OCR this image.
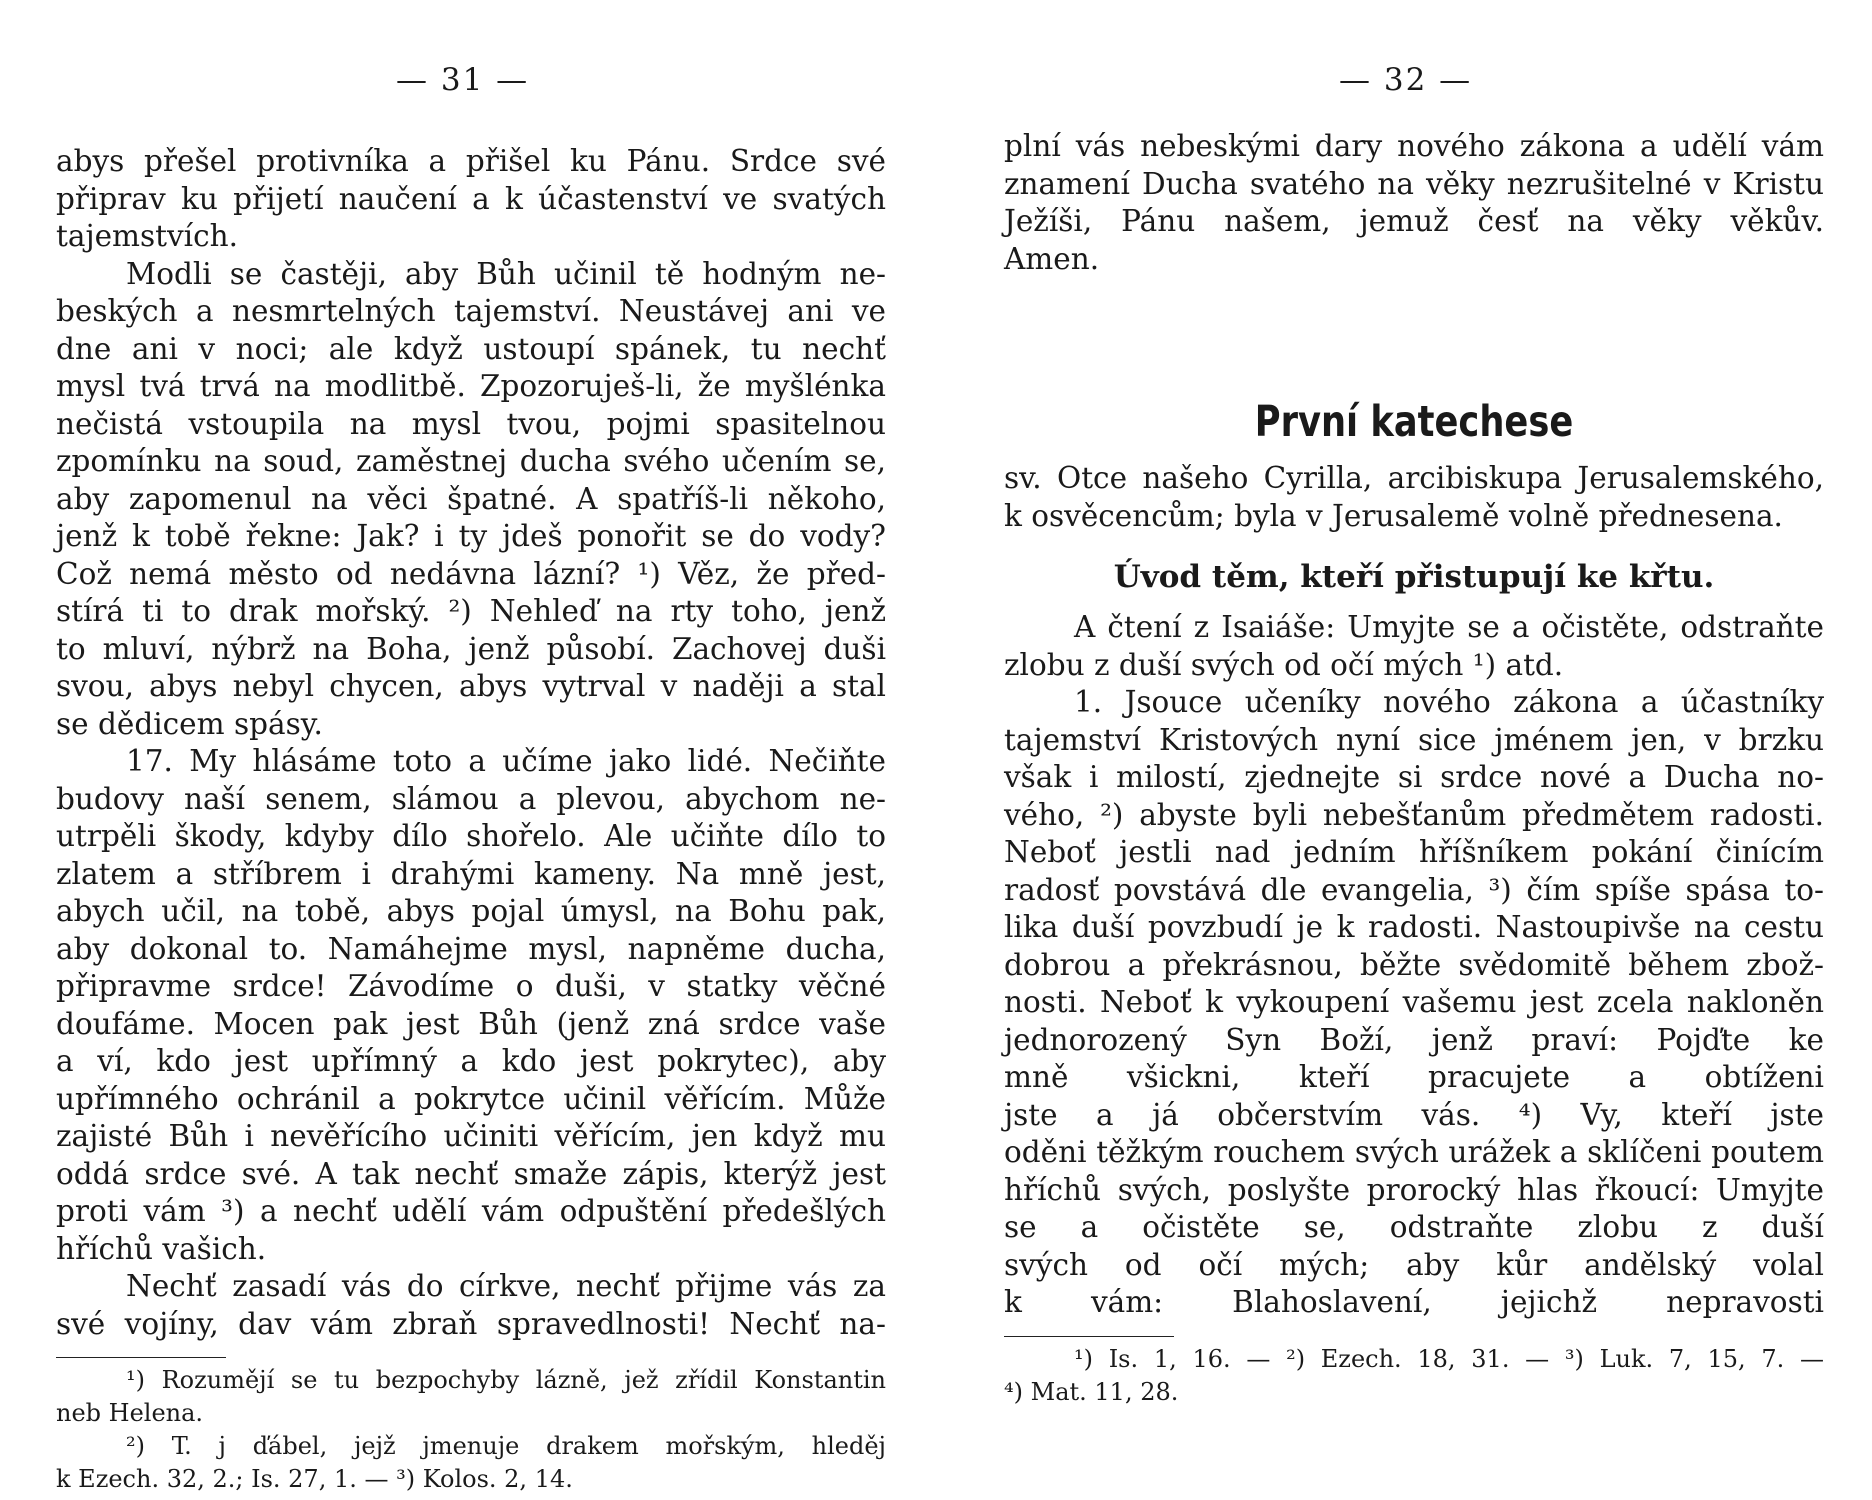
— 31 —
abys přešel protivníka a přišel ku Pánu. Srdce své
připrav ku přijetí naučení a k účastenství ve svatých
tajemstvích.
Modli se častěji, aby Bůh učinil tě hodným ne-
beských a nesmrtelných tajemství. Neustávej ani ve
dne ani v noci; ale když ustoupí spánek, tu nechť
mysl tvá trvá na modlitbě. Zpozoruješ-li, že myšlénka
nečistá vstoupila na mysl tvou, pojmi spasitelnou
zpomínku na soud, zaměstnej ducha svého učením se,
aby zapomenul na věci špatné. A spatříš-li někoho,
jenž k tobě řekne: Jak? i ty jdeš ponořit se do vody?
Což nemá město od nedávna lázní? ¹) Věz, že před-
stírá ti to drak mořský. ²) Nehleď na rty toho, jenž
to mluví, nýbrž na Boha, jenž působí. Zachovej duši
svou, abys nebyl chycen, abys vytrval v naději a stal
se dědicem spásy.
17. My hlásáme toto a učíme jako lidé. Nečiňte
budovy naší senem, slámou a plevou, abychom ne-
utrpěli škody, kdyby dílo shořelo. Ale učiňte dílo to
zlatem a stříbrem i drahými kameny. Na mně jest,
abych učil, na tobě, abys pojal úmysl, na Bohu pak,
aby dokonal to. Namáhejme mysl, napněme ducha,
připravme srdce! Závodíme o duši, v statky věčné
doufáme. Mocen pak jest Bůh (jenž zná srdce vaše
a ví, kdo jest upřímný a kdo jest pokrytec), aby
upřímného ochránil a pokrytce učinil věřícím. Může
zajisté Bůh i nevěřícího učiniti věřícím, jen když mu
oddá srdce své. A tak nechť smaže zápis, kterýž jest
proti vám ³) a nechť udělí vám odpuštění předešlých
hříchů vašich.
Nechť zasadí vás do církve, nechť přijme vás za
své vojíny, dav vám zbraň spravedlnosti! Nechť na-
¹) Rozumějí se tu bezpochyby lázně, jež zřídil Konstantin
neb Helena.
²) T. j ďábel, jejž jmenuje drakem mořským, hleděj
k Ezech. 32, 2.; Is. 27, 1. — ³) Kolos. 2, 14.
— 32 —
plní vás nebeskými dary nového zákona a udělí vám
znamení Ducha svatého na věky nezrušitelné v Kristu
Ježíši, Pánu našem, jemuž česť na věky věkův.
Amen.
První katechese
sv. Otce našeho Cyrilla, arcibiskupa Jerusalemského,
k osvěcencům; byla v Jerusalemě volně přednesena.
Úvod těm, kteří přistupují ke křtu.
A čtení z Isaiáše: Umyjte se a očistěte, odstraňte
zlobu z duší svých od očí mých ¹) atd.
1. Jsouce učeníky nového zákona a účastníky
tajemství Kristových nyní sice jménem jen, v brzku
však i milostí, zjednejte si srdce nové a Ducha no-
vého, ²) abyste byli nebešťanům předmětem radosti.
Neboť jestli nad jedním hříšníkem pokání činícím
radosť povstává dle evangelia, ³) čím spíše spása to-
lika duší povzbudí je k radosti. Nastoupivše na cestu
dobrou a překrásnou, běžte svědomitě během zbož-
nosti. Neboť k vykoupení vašemu jest zcela nakloněn
jednorozený Syn Boží, jenž praví: Pojďte ke
mně všickni, kteří pracujete a obtíženi
jste a já občerstvím vás. ⁴) Vy, kteří jste
oděni těžkým rouchem svých urážek a sklíčeni poutem
hříchů svých, poslyšte prorocký hlas řkoucí: Umyjte
se a očistěte se, odstraňte zlobu z duší
svých od očí mých; aby kůr andělský volal
k vám: Blahoslavení, jejichž nepravosti
¹) Is. 1, 16. — ²) Ezech. 18, 31. — ³) Luk. 7, 15, 7. —
⁴) Mat. 11, 28.
